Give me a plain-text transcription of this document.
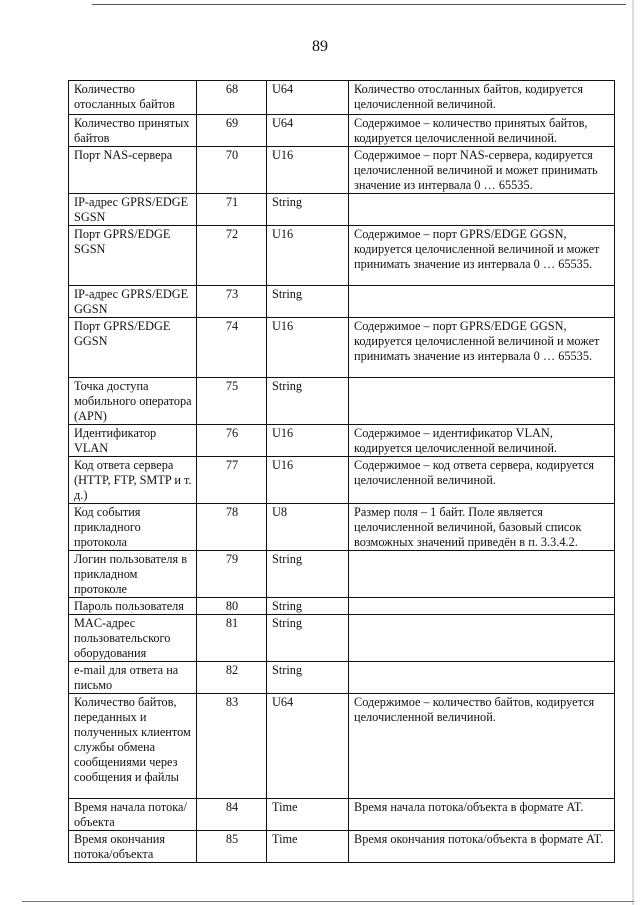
89
Количество отосланных байтов	68	U64	Количество отосланных байтов, кодируется целочисленной величиной.
Количество принятых байтов	69	U64	Содержимое – количество принятых байтов, кодируется целочисленной величиной.
Порт NAS-сервера	70	U16	Содержимое – порт NAS-сервера, кодируется целочисленной величиной и может принимать значение из интервала 0 … 65535.
IP-адрес GPRS/EDGE SGSN	71	String	
Порт GPRS/EDGE SGSN	72	U16	Содержимое – порт GPRS/EDGE GGSN, кодируется целочисленной величиной и может принимать значение из интервала 0 … 65535.
IP-адрес GPRS/EDGE GGSN	73	String	
Порт GPRS/EDGE GGSN	74	U16	Содержимое – порт GPRS/EDGE GGSN, кодируется целочисленной величиной и может принимать значение из интервала 0 … 65535.
Точка доступа мобильного оператора (APN)	75	String	
Идентификатор VLAN	76	U16	Содержимое – идентификатор VLAN, кодируется целочисленной величиной.
Код ответа сервера (HTTP, FTP, SMTP и т. д.)	77	U16	Содержимое – код ответа сервера, кодируется целочисленной величиной.
Код события прикладного протокола	78	U8	Размер поля – 1 байт. Поле является целочисленной величиной, базовый список возможных значений приведён в п. 3.3.4.2.
Логин пользователя в прикладном протоколе	79	String	
Пароль пользователя	80	String	
MAC-адрес пользовательского оборудования	81	String	
e-mail для ответа на письмо	82	String	
Количество байтов, переданных и полученных клиентом службы обмена сообщениями через сообщения и файлы	83	U64	Содержимое – количество байтов, кодируется целочисленной величиной.
Время начала потока/объекта	84	Time	Время начала потока/объекта в формате AT.
Время окончания потока/объекта	85	Time	Время окончания потока/объекта в формате AT.
